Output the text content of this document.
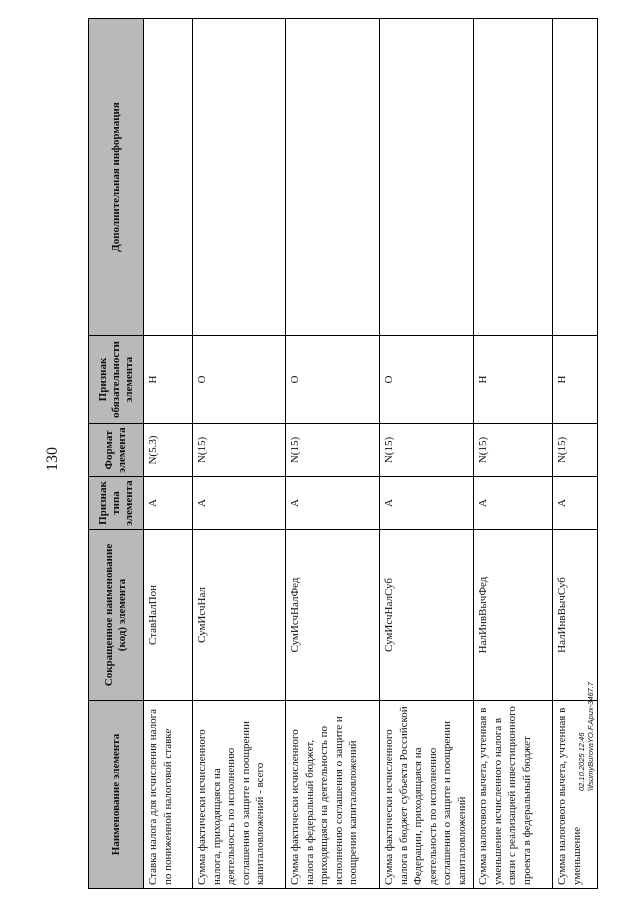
130
Наименование элемента	Сокращенное наименование (код) элемента	Признак типа элемента	Формат элемента	Признак обязательности элемента	Дополнительная информация
Ставка налога для исчисления налога по пониженной налоговой ставке	СтавНалПон	А	N(5.3)	Н	
Сумма фактически исчисленного налога, приходящаяся на деятельность по исполнению соглашения о защите и поощрении капиталовложений - всего	СумИсчНал	А	N(15)	О	
Сумма фактически исчисленного налога в федеральный бюджет, приходящаяся на деятельность по исполнению соглашения о защите и поощрении капиталовложений	СумИсчНалФед	А	N(15)	О	
Сумма фактически исчисленного налога в бюджет субъекта Российской Федерации, приходящаяся на деятельность по исполнению соглашения о защите и поощрении капиталовложений	СумИсчНалСуб	А	N(15)	О	
Сумма налогового вычета, учтенная в уменьшение исчисленного налога в связи с реализацией инвестиционного проекта в федеральный бюджет	НалИнвВычФед	А	N(15)	Н	
Сумма налогового вычета, учтенная в уменьшение	НалИнвВычСуб	А	N(15)	Н	
02.10.2025 12:46 \\fsumyBurovaYO.F.Apuх-3467.7
